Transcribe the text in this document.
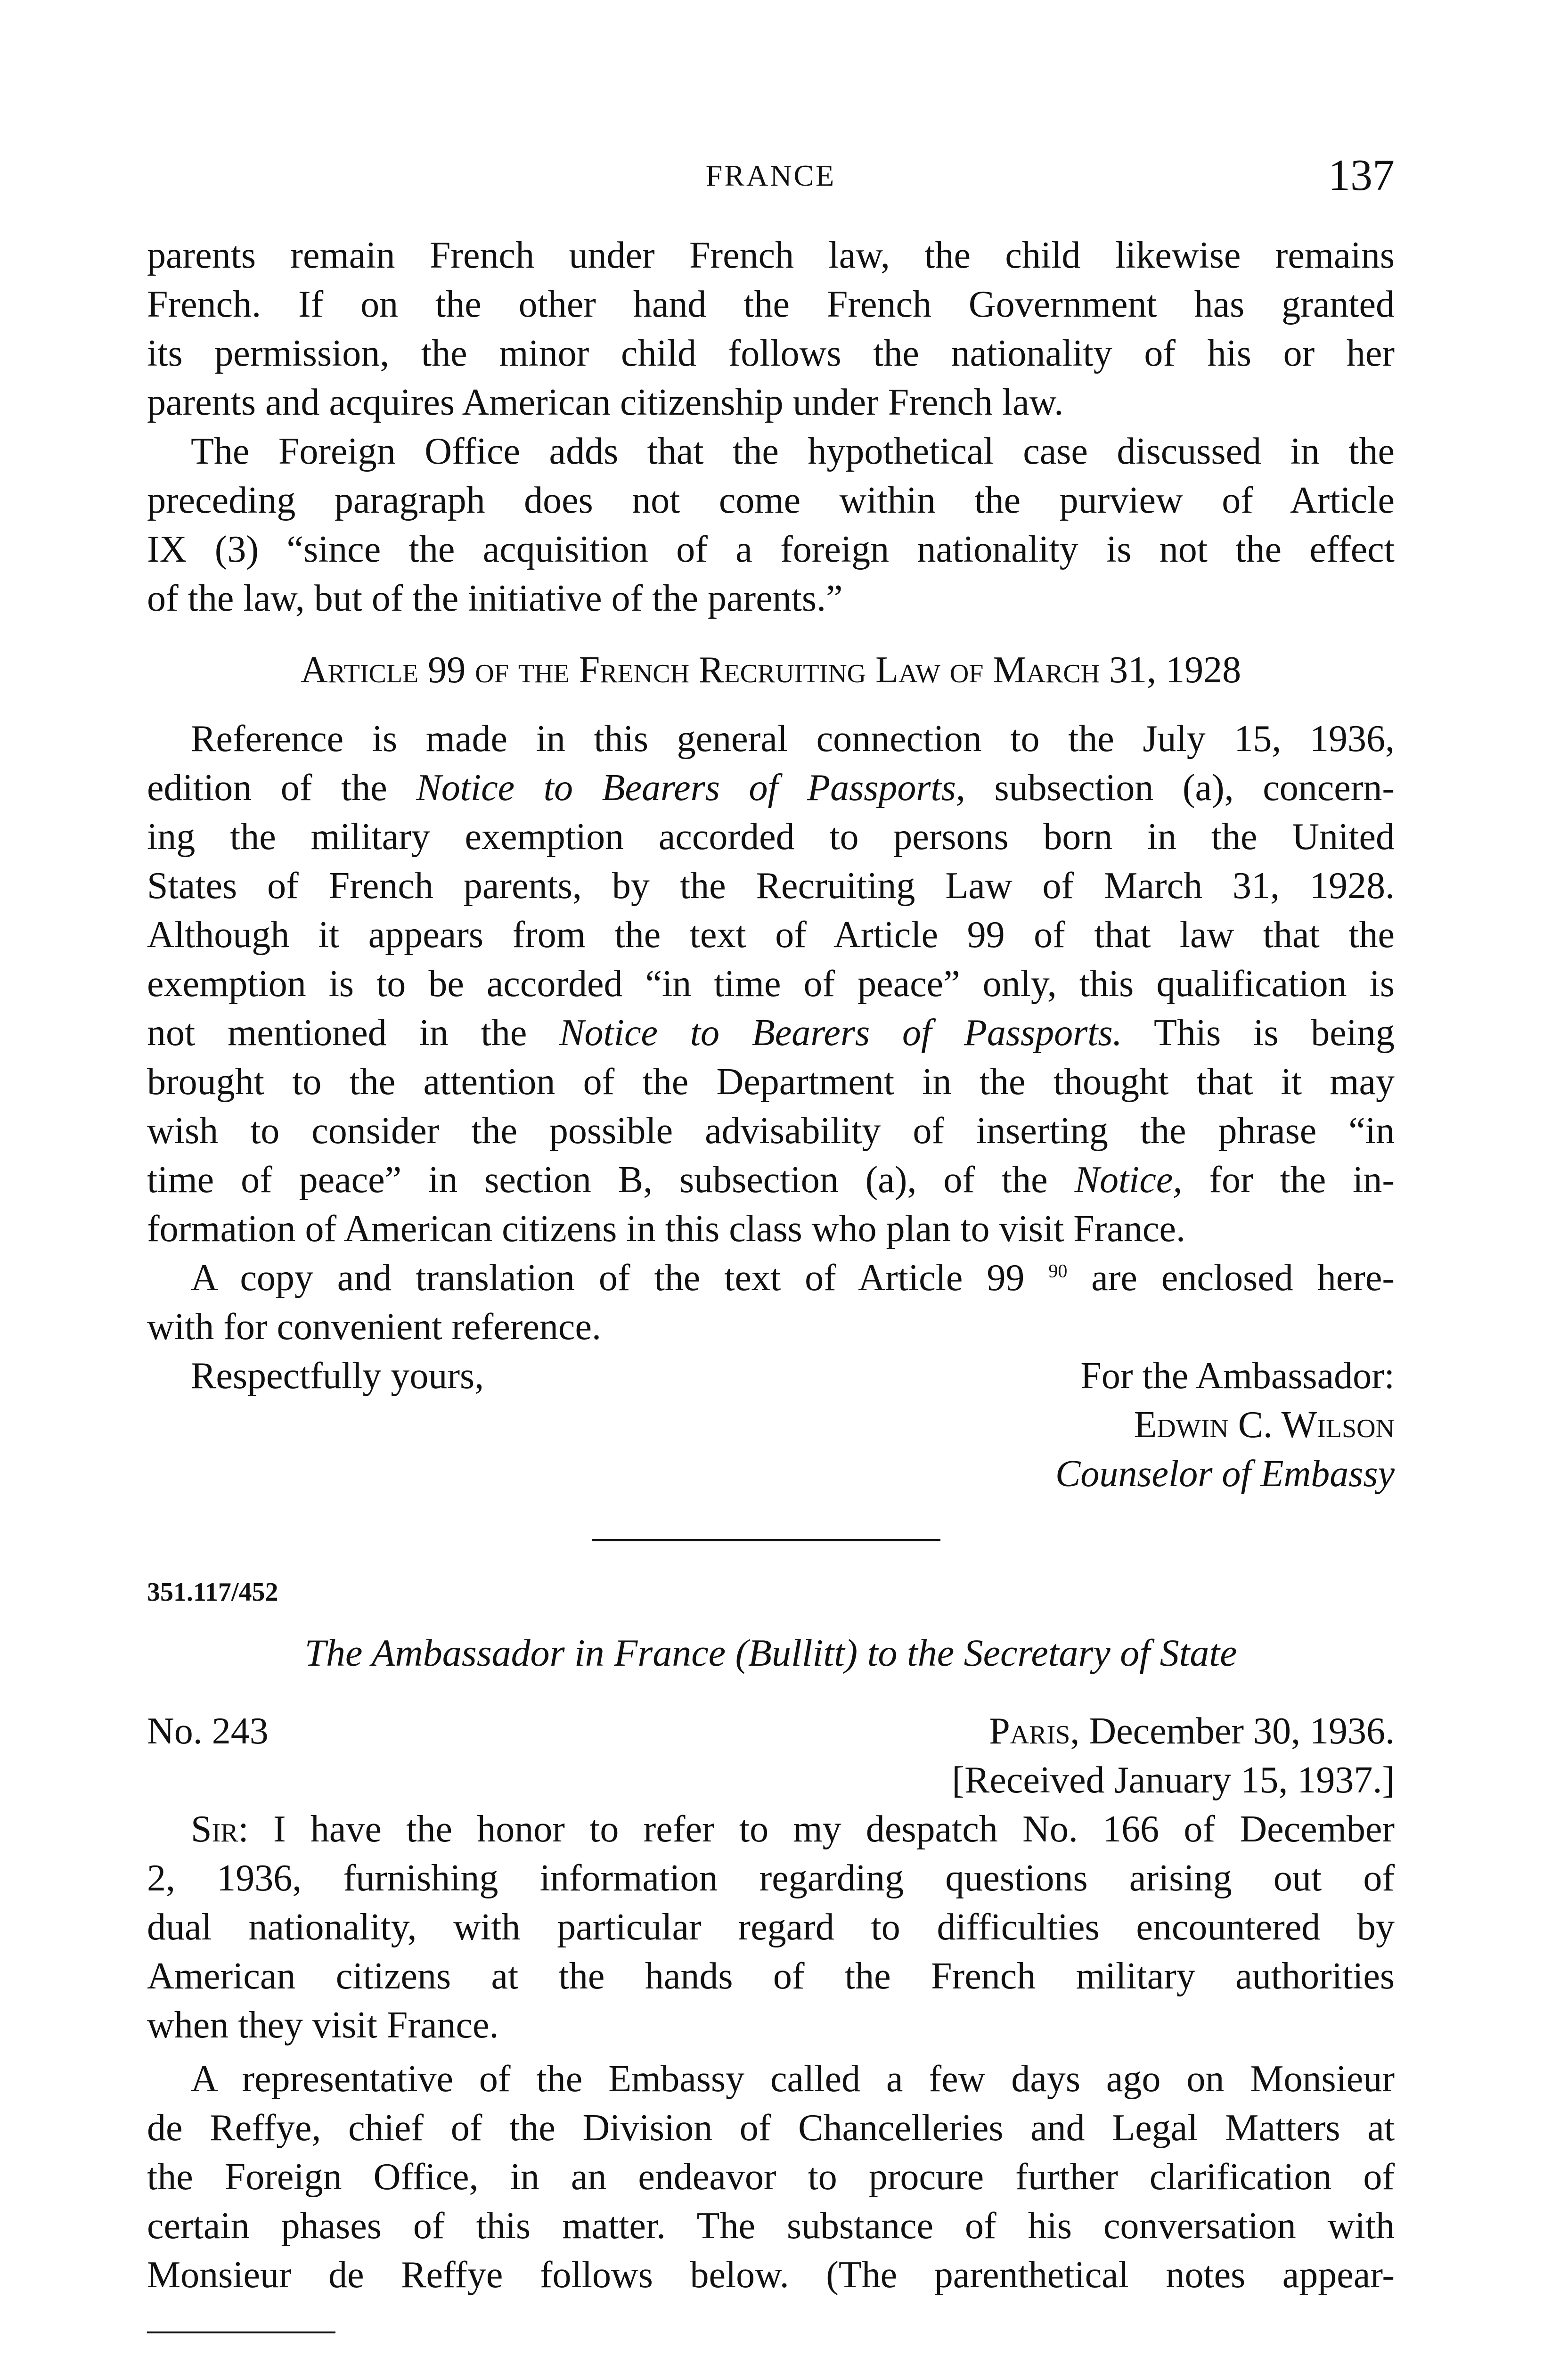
FRANCE	137
parents remain French under French law, the child likewise remains
French. If on the other hand the French Government has granted
its permission, the minor child follows the nationality of his or her
parents and acquires American citizenship under French law.
The Foreign Office adds that the hypothetical case discussed in the
preceding paragraph does not come within the purview of Article
IX (3) “since the acquisition of a foreign nationality is not the effect
of the law, but of the initiative of the parents.”
Article 99 of the French Recruiting Law of March 31, 1928
Reference is made in this general connection to the July 15, 1936,
edition of the Notice to Bearers of Passports, subsection (a), concern-
ing the military exemption accorded to persons born in the United
States of French parents, by the Recruiting Law of March 31, 1928.
Although it appears from the text of Article 99 of that law that the
exemption is to be accorded “in time of peace” only, this qualification is
not mentioned in the Notice to Bearers of Passports. This is being
brought to the attention of the Department in the thought that it may
wish to consider the possible advisability of inserting the phrase “in
time of peace” in section B, subsection (a), of the Notice, for the in-
formation of American citizens in this class who plan to visit France.
A copy and translation of the text of Article 99 $^{90}$ are enclosed here-
with for convenient reference.
Respectfully yours,	For the Ambassador:
Edwin C. Wilson
Counselor of Embassy
351.117/452
The Ambassador in France (Bullitt) to the Secretary of State
No. 243	Paris, December 30, 1936.
[Received January 15, 1937.]
Sir: I have the honor to refer to my despatch No. 166 of December
2, 1936, furnishing information regarding questions arising out of
dual nationality, with particular regard to difficulties encountered by
American citizens at the hands of the French military authorities
when they visit France.
A representative of the Embassy called a few days ago on Monsieur
de Reffye, chief of the Division of Chancelleries and Legal Matters at
the Foreign Office, in an endeavor to procure further clarification of
certain phases of this matter. The substance of his conversation with
Monsieur de Reffye follows below. (The parenthetical notes appear-
